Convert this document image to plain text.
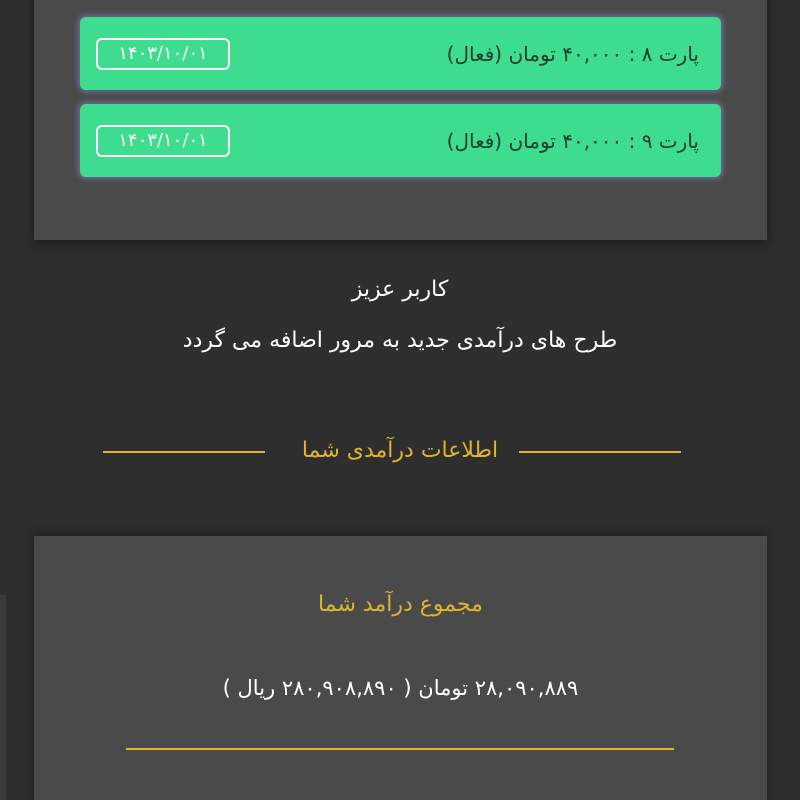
پارت ۸ : ۴۰,۰۰۰ تومان (فعال)
۱۴۰۳/۱۰/۰۱
پارت ۹ : ۴۰,۰۰۰ تومان (فعال)
۱۴۰۳/۱۰/۰۱
کاربر عزیز
طرح های درآمدی جدید به مرور اضافه می گردد
اطلاعات درآمدی شما
مجموع درآمد شما
۲۸,۰۹۰,۸۸۹ تومان ( ۲۸۰,۹۰۸,۸۹۰ ریال )
